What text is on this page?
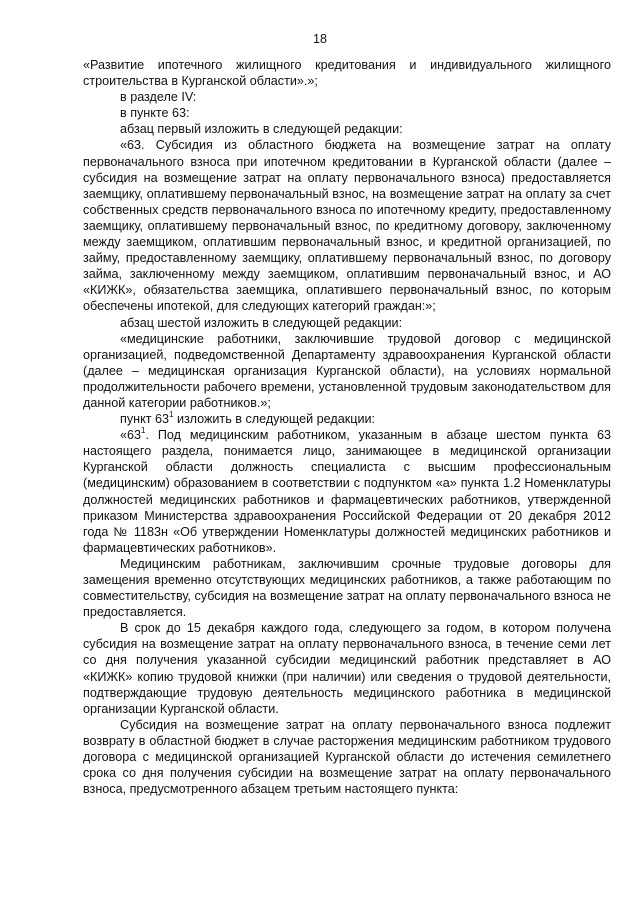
18

«Развитие ипотечного жилищного кредитования и индивидуального жилищного строительства в Курганской области».»;

в разделе IV:

в пункте 63:

абзац первый изложить в следующей редакции:

«63. Субсидия из областного бюджета на возмещение затрат на оплату первоначального взноса при ипотечном кредитовании в Курганской области (далее – субсидия на возмещение затрат на оплату первоначального взноса) предоставляется заемщику, оплатившему первоначальный взнос, на возмещение затрат на оплату за счет собственных средств первоначального взноса по ипотечному кредиту, предоставленному заемщику, оплатившему первоначальный взнос, по кредитному договору, заключенному между заемщиком, оплатившим первоначальный взнос, и кредитной организацией, по займу, предоставленному заемщику, оплатившему первоначальный взнос, по договору займа, заключенному между заемщиком, оплатившим первоначальный взнос, и АО «КИЖК», обязательства заемщика, оплатившего первоначальный взнос, по которым обеспечены ипотекой, для следующих категорий граждан:»;

абзац шестой изложить в следующей редакции:

«медицинские работники, заключившие трудовой договор с медицинской организацией, подведомственной Департаменту здравоохранения Курганской области (далее – медицинская организация Курганской области), на условиях нормальной продолжительности рабочего времени, установленной трудовым законодательством для данной категории работников.»;

пункт $63^1$ изложить в следующей редакции:

«$63^1$. Под медицинским работником, указанным в абзаце шестом пункта 63 настоящего раздела, понимается лицо, занимающее в медицинской организации Курганской области должность специалиста с высшим профессиональным (медицинским) образованием в соответствии с подпунктом «а» пункта 1.2 Номенклатуры должностей медицинских работников и фармацевтических работников, утвержденной приказом Министерства здравоохранения Российской Федерации от 20 декабря 2012 года № 1183н «Об утверждении Номенклатуры должностей медицинских работников и фармацевтических работников».

Медицинским работникам, заключившим срочные трудовые договоры для замещения временно отсутствующих медицинских работников, а также работающим по совместительству, субсидия на возмещение затрат на оплату первоначального взноса не предоставляется.

В срок до 15 декабря каждого года, следующего за годом, в котором получена субсидия на возмещение затрат на оплату первоначального взноса, в течение семи лет со дня получения указанной субсидии медицинский работник представляет в АО «КИЖК» копию трудовой книжки (при наличии) или сведения о трудовой деятельности, подтверждающие трудовую деятельность медицинского работника в медицинской организации Курганской области.

Субсидия на возмещение затрат на оплату первоначального взноса подлежит возврату в областной бюджет в случае расторжения медицинским работником трудового договора с медицинской организацией Курганской области до истечения семилетнего срока со дня получения субсидии на возмещение затрат на оплату первоначального взноса, предусмотренного абзацем третьим настоящего пункта:
